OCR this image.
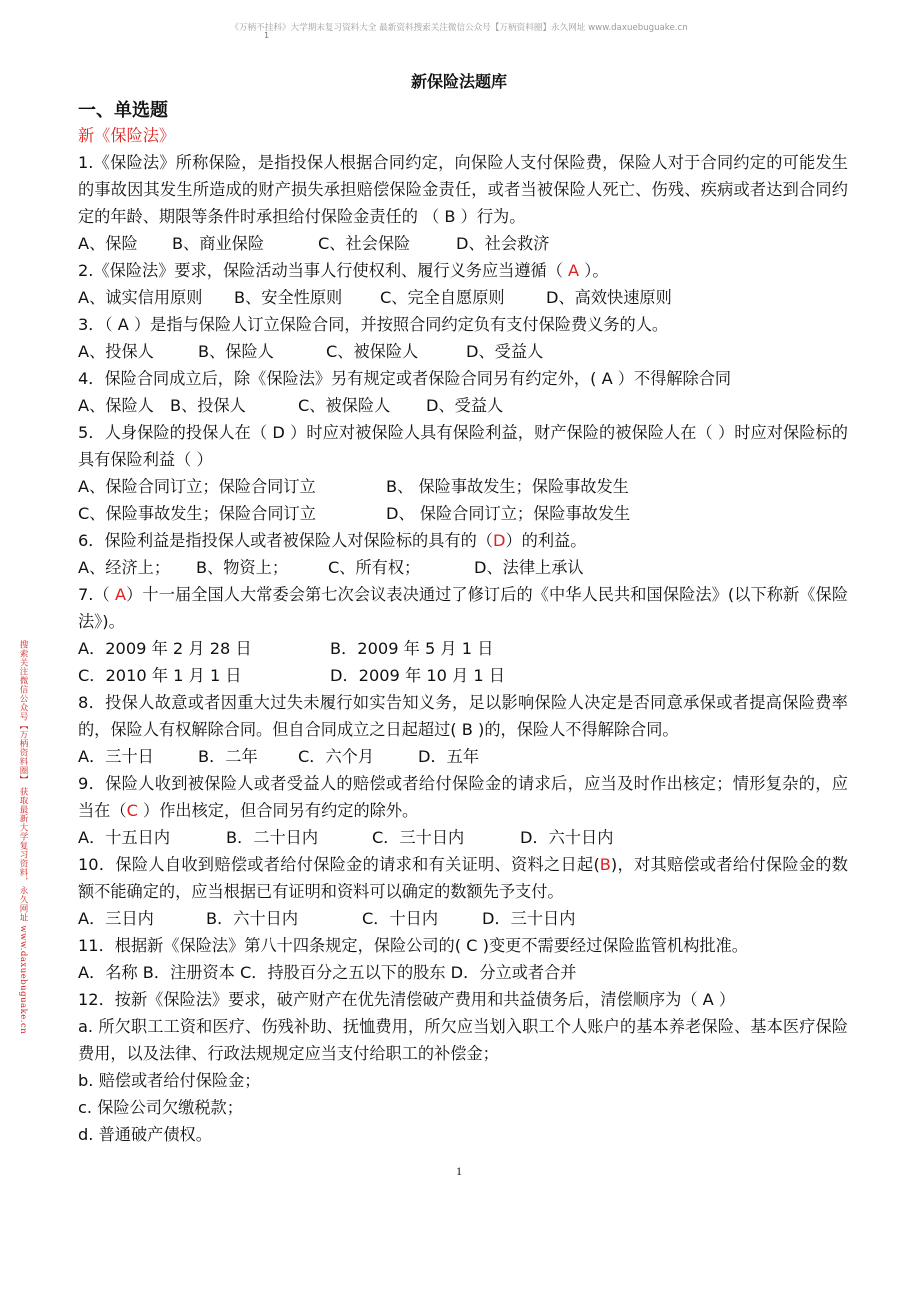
《万柄不挂科》大学期末复习资料大全 最新资料搜索关注微信公众号【万柄资料圈】永久网址 www.daxuebuguake.cn
1
新保险法题库
一、单选题

新《保险法》

1.《保险法》所称保险，是指投保人根据合同约定，向保险人支付保险费，保险人对于合同约定的可能发生的事故因其发生所造成的财产损失承担赔偿保险金责任，或者当被保险人死亡、伤残、疾病或者达到合同约定的年龄、期限等条件时承担给付保险金责任的 （ B ）行为。

A、保险 B、商业保险	C、社会保险	D、社会救济

2.《保险法》要求，保险活动当事人行使权利、履行义务应当遵循（ A ）。

A、诚实信用原则 B、安全性原则 C、完全自愿原则	D、高效快速原则

3．（ A ）是指与保险人订立保险合同，并按照合同约定负有支付保险费义务的人。

A、投保人	B、保险人	C、被保险人	D、受益人

4．保险合同成立后，除《保险法》另有规定或者保险合同另有约定外，( A ）不得解除合同

A、保险人 B、投保人	C、被保险人 D、受益人

5．人身保险的投保人在（ D ）时应对被保险人具有保险利益，财产保险的被保险人在（ ）时应对保险标的具有保险利益（ ）

A、保险合同订立；保险合同订立	B、 保险事故发生；保险事故发生

C、保险事故发生；保险合同订立	D、 保险合同订立；保险事故发生

6．保险利益是指投保人或者被保险人对保险标的具有的（D）的利益。

A、经济上； B、物资上； C、所有权；	D、法律上承认

7.（ A）十一届全国人大常委会第七次会议表决通过了修订后的《中华人民共和国保险法》(以下称新《保险法》)。

A．2009 年 2 月 28 日	B．2009 年 5 月 1 日

C．2010 年 1 月 1 日	D．2009 年 10 月 1 日

8．投保人故意或者因重大过失未履行如实告知义务，足以影响保险人决定是否同意承保或者提高保险费率的，保险人有权解除合同。但自合同成立之日起超过( B )的，保险人不得解除合同。

A．三十日	B．二年 C．六个月	D．五年

9．保险人收到被保险人或者受益人的赔偿或者给付保险金的请求后，应当及时作出核定；情形复杂的，应当在（C ）作出核定，但合同另有约定的除外。

A．十五日内	B．二十日内	C．三十日内	D．六十日内

10．保险人自收到赔偿或者给付保险金的请求和有关证明、资料之日起(B)，对其赔偿或者给付保险金的数额不能确定的，应当根据已有证明和资料可以确定的数额先予支付。

A．三日内	B．六十日内	C．十日内	D．三十日内

11．根据新《保险法》第八十四条规定，保险公司的( C )变更不需要经过保险监管机构批准。

A．名称 B．注册资本 C．持股百分之五以下的股东 D．分立或者合并

12．按新《保险法》要求，破产财产在优先清偿破产费用和共益债务后，清偿顺序为（ A ）

a. 所欠职工工资和医疗、伤残补助、抚恤费用，所欠应当划入职工个人账户的基本养老保险、基本医疗保险费用，以及法律、行政法规规定应当支付给职工的补偿金；

b. 赔偿或者给付保险金；

c. 保险公司欠缴税款；

d. 普通破产债权。

搜索关注微信公众号【万柄资料圈】 获取最新大学复习资料，永久网址 www.daxuebuguake.cn
1
